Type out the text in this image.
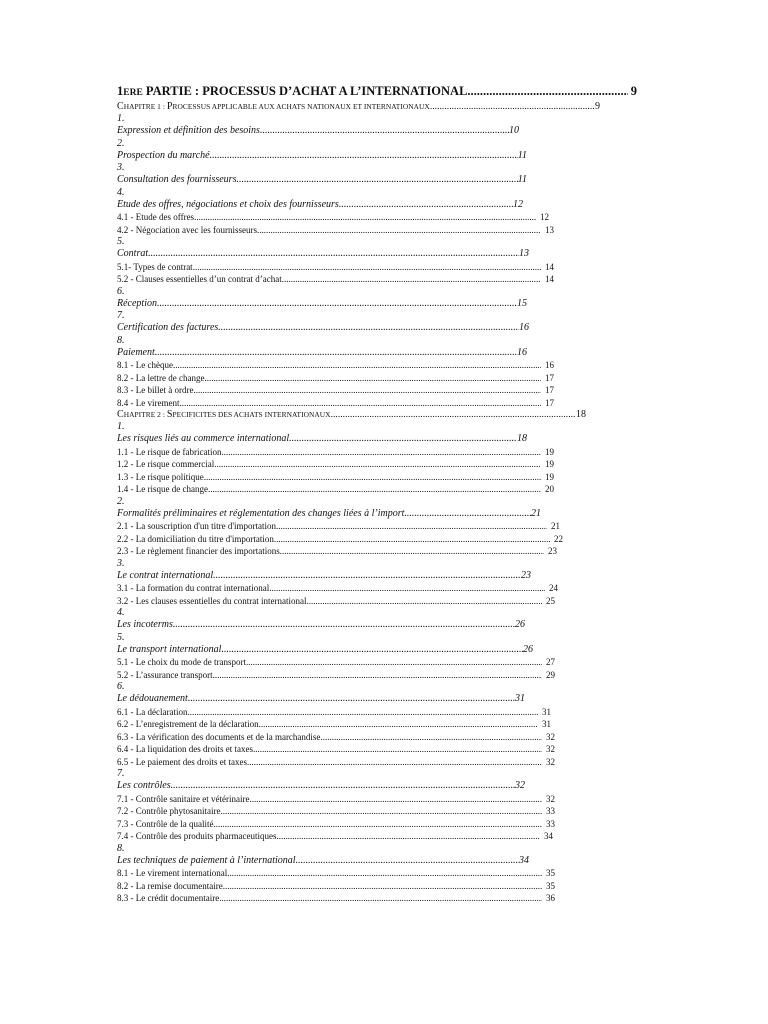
1ERE PARTIE : PROCESSUS D’ACHAT A L’INTERNATIONAL .....	9
CHAPITRE 1 : PROCESSUS APPLICABLE AUX ACHATS NATIONAUX ET INTERNATIONAUX .....	9
1.
Expression et définition des besoins .....	10
2.
Prospection du marché .....	11
3.
Consultation des fournisseurs .....	11
4.
Etude des offres, négociations et choix des fournisseurs .....	12
4.1 - Etude des offres .....	12
4.2 - Négociation avec les fournisseurs .....	13
5.
Contrat .....	13
5.1- Types de contrat .....	14
5.2 - Clauses essentielles d’un contrat d’achat .....	14
6.
Réception .....	15
7.
Certification des factures .....	16
8.
Paiement .....	16
8.1 - Le chèque .....	16
8.2 - La lettre de change .....	17
8.3 - Le billet à ordre .....	17
8.4 - Le virement .....	17
CHAPITRE 2 : SPECIFICITES DES ACHATS INTERNATIONAUX .....	18
1.
Les risques liés au commerce international .....	18
1.1 - Le risque de fabrication .....	19
1.2 - Le risque commercial .....	19
1.3 - Le risque politique .....	19
1.4 - Le risque de change .....	20
2.
Formalités préliminaires et réglementation des changes liées à l’import .....	21
2.1 - La souscription d'un titre d'importation .....	21
2.2 - La domiciliation du titre d'importation .....	22
2.3 - Le règlement financier des importations .....	23
3.
Le contrat international .....	23
3.1 - La formation du contrat international .....	24
3.2 - Les clauses essentielles du contrat international .....	25
4.
Les incoterms .....	26
5.
Le transport international .....	26
5.1 - Le choix du mode de transport .....	27
5.2 - L’assurance transport .....	29
6.
Le dédouanement .....	31
6.1 - La déclaration .....	31
6.2 - L’enregistrement de la déclaration .....	31
6.3 - La vérification des documents et de la marchandise .....	32
6.4 - La liquidation des droits et taxes .....	32
6.5 - Le paiement des droits et taxes .....	32
7.
Les contrôles .....	32
7.1 - Contrôle sanitaire et vétérinaire .....	32
7.2 - Contrôle phytosanitaire .....	33
7.3 - Contrôle de la qualité .....	33
7.4 - Contrôle des produits pharmaceutiques .....	34
8.
Les techniques de paiement à l’international .....	34
8.1 - Le virement international .....	35
8.2 - La remise documentaire .....	35
8.3 - Le crédit documentaire .....	36
